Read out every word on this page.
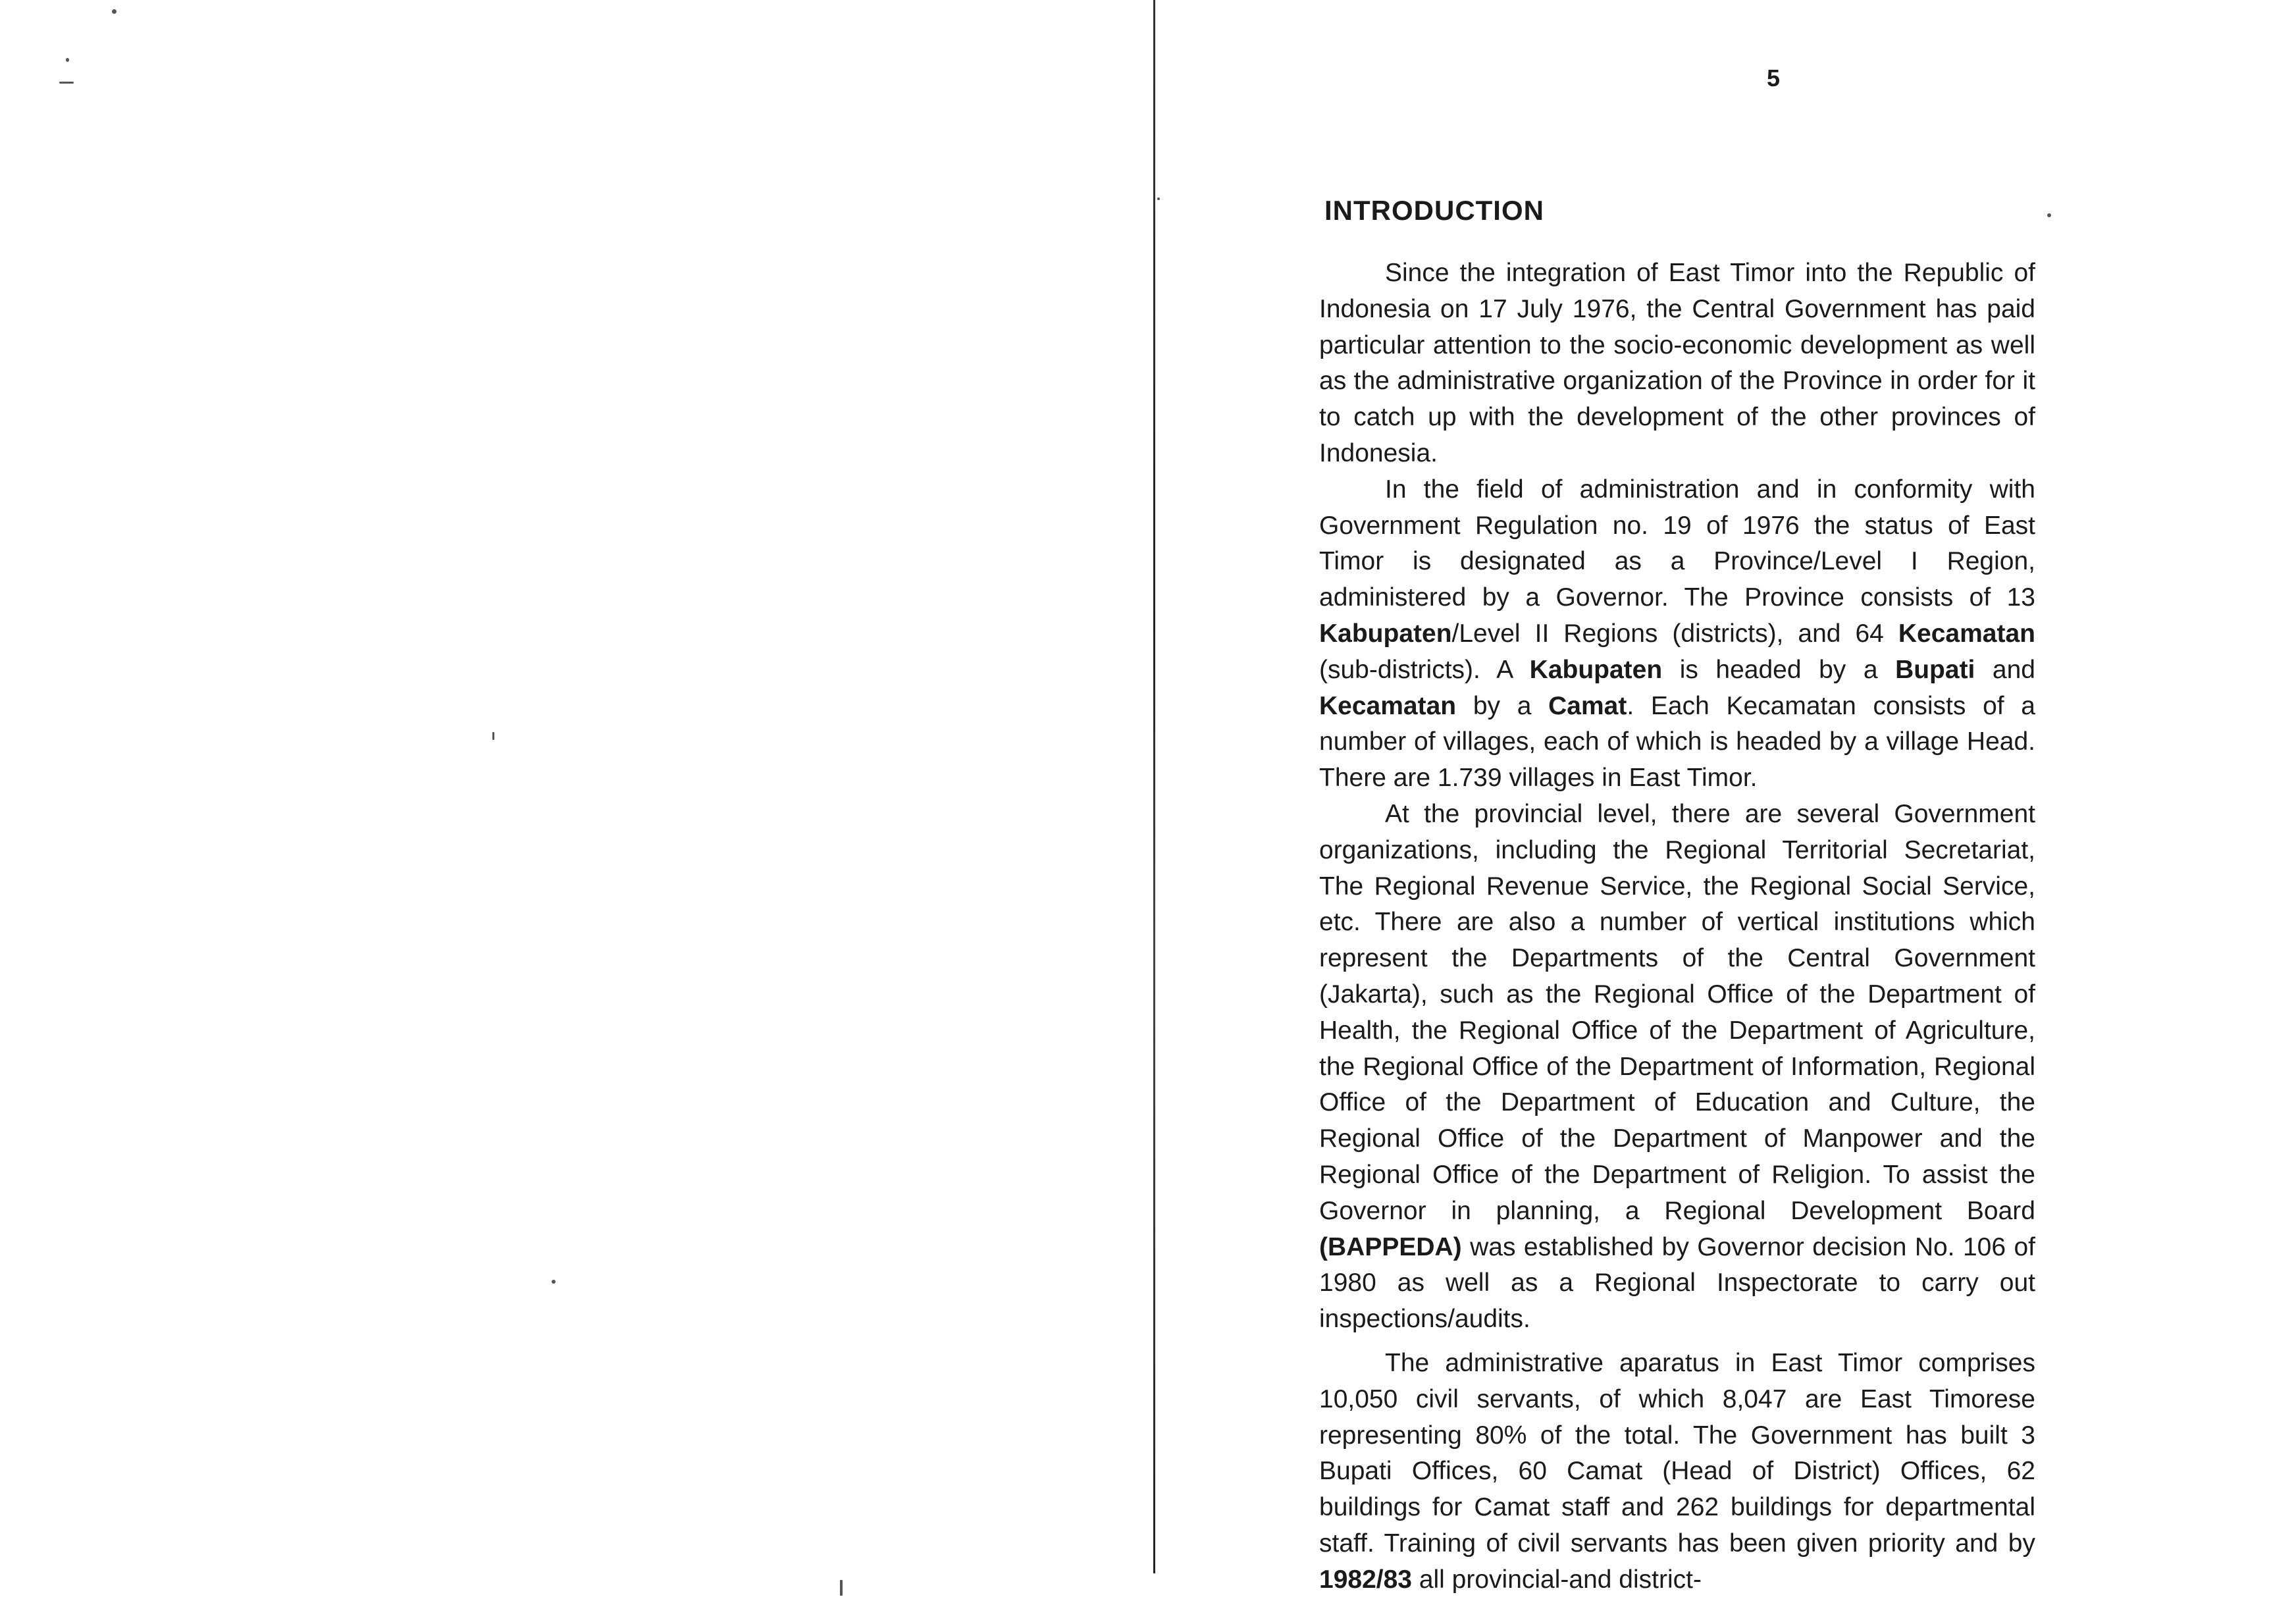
5
INTRODUCTION

Since the integration of East Timor into the Republic of Indonesia on 17 July 1976, the Central Government has paid particular attention to the socio-economic development as well as the administrative organization of the Province in order for it to catch up with the development of the other provinces of Indonesia.

In the field of administration and in conformity with Government Regulation no. 19 of 1976 the status of East Timor is designated as a Province/Level I Region, administered by a Governor. The Province consists of 13 Kabupaten/Level II Regions (districts), and 64 Kecamatan (sub-districts). A Kabupaten is headed by a Bupati and Kecamatan by a Camat. Each Kecamatan consists of a number of villages, each of which is headed by a village Head. There are 1.739 villages in East Timor.

At the provincial level, there are several Government organizations, including the Regional Territorial Secretariat, The Regional Revenue Service, the Regional Social Service, etc. There are also a number of vertical institutions which represent the Departments of the Central Government (Jakarta), such as the Regional Office of the Department of Health, the Regional Office of the Department of Agriculture, the Regional Office of the Department of Information, Regional Office of the Department of Education and Culture, the Regional Office of the Department of Manpower and the Regional Office of the Department of Religion. To assist the Governor in planning, a Regional Development Board (BAPPEDA) was established by Governor decision No. 106 of 1980 as well as a Regional Inspectorate to carry out inspections/audits.

The administrative aparatus in East Timor comprises 10,050 civil servants, of which 8,047 are East Timorese representing 80% of the total. The Government has built 3 Bupati Offices, 60 Camat (Head of District) Offices, 62 buildings for Camat staff and 262 buildings for departmental staff. Training of civil servants has been given priority and by 1982/83 all provincial-and district-
